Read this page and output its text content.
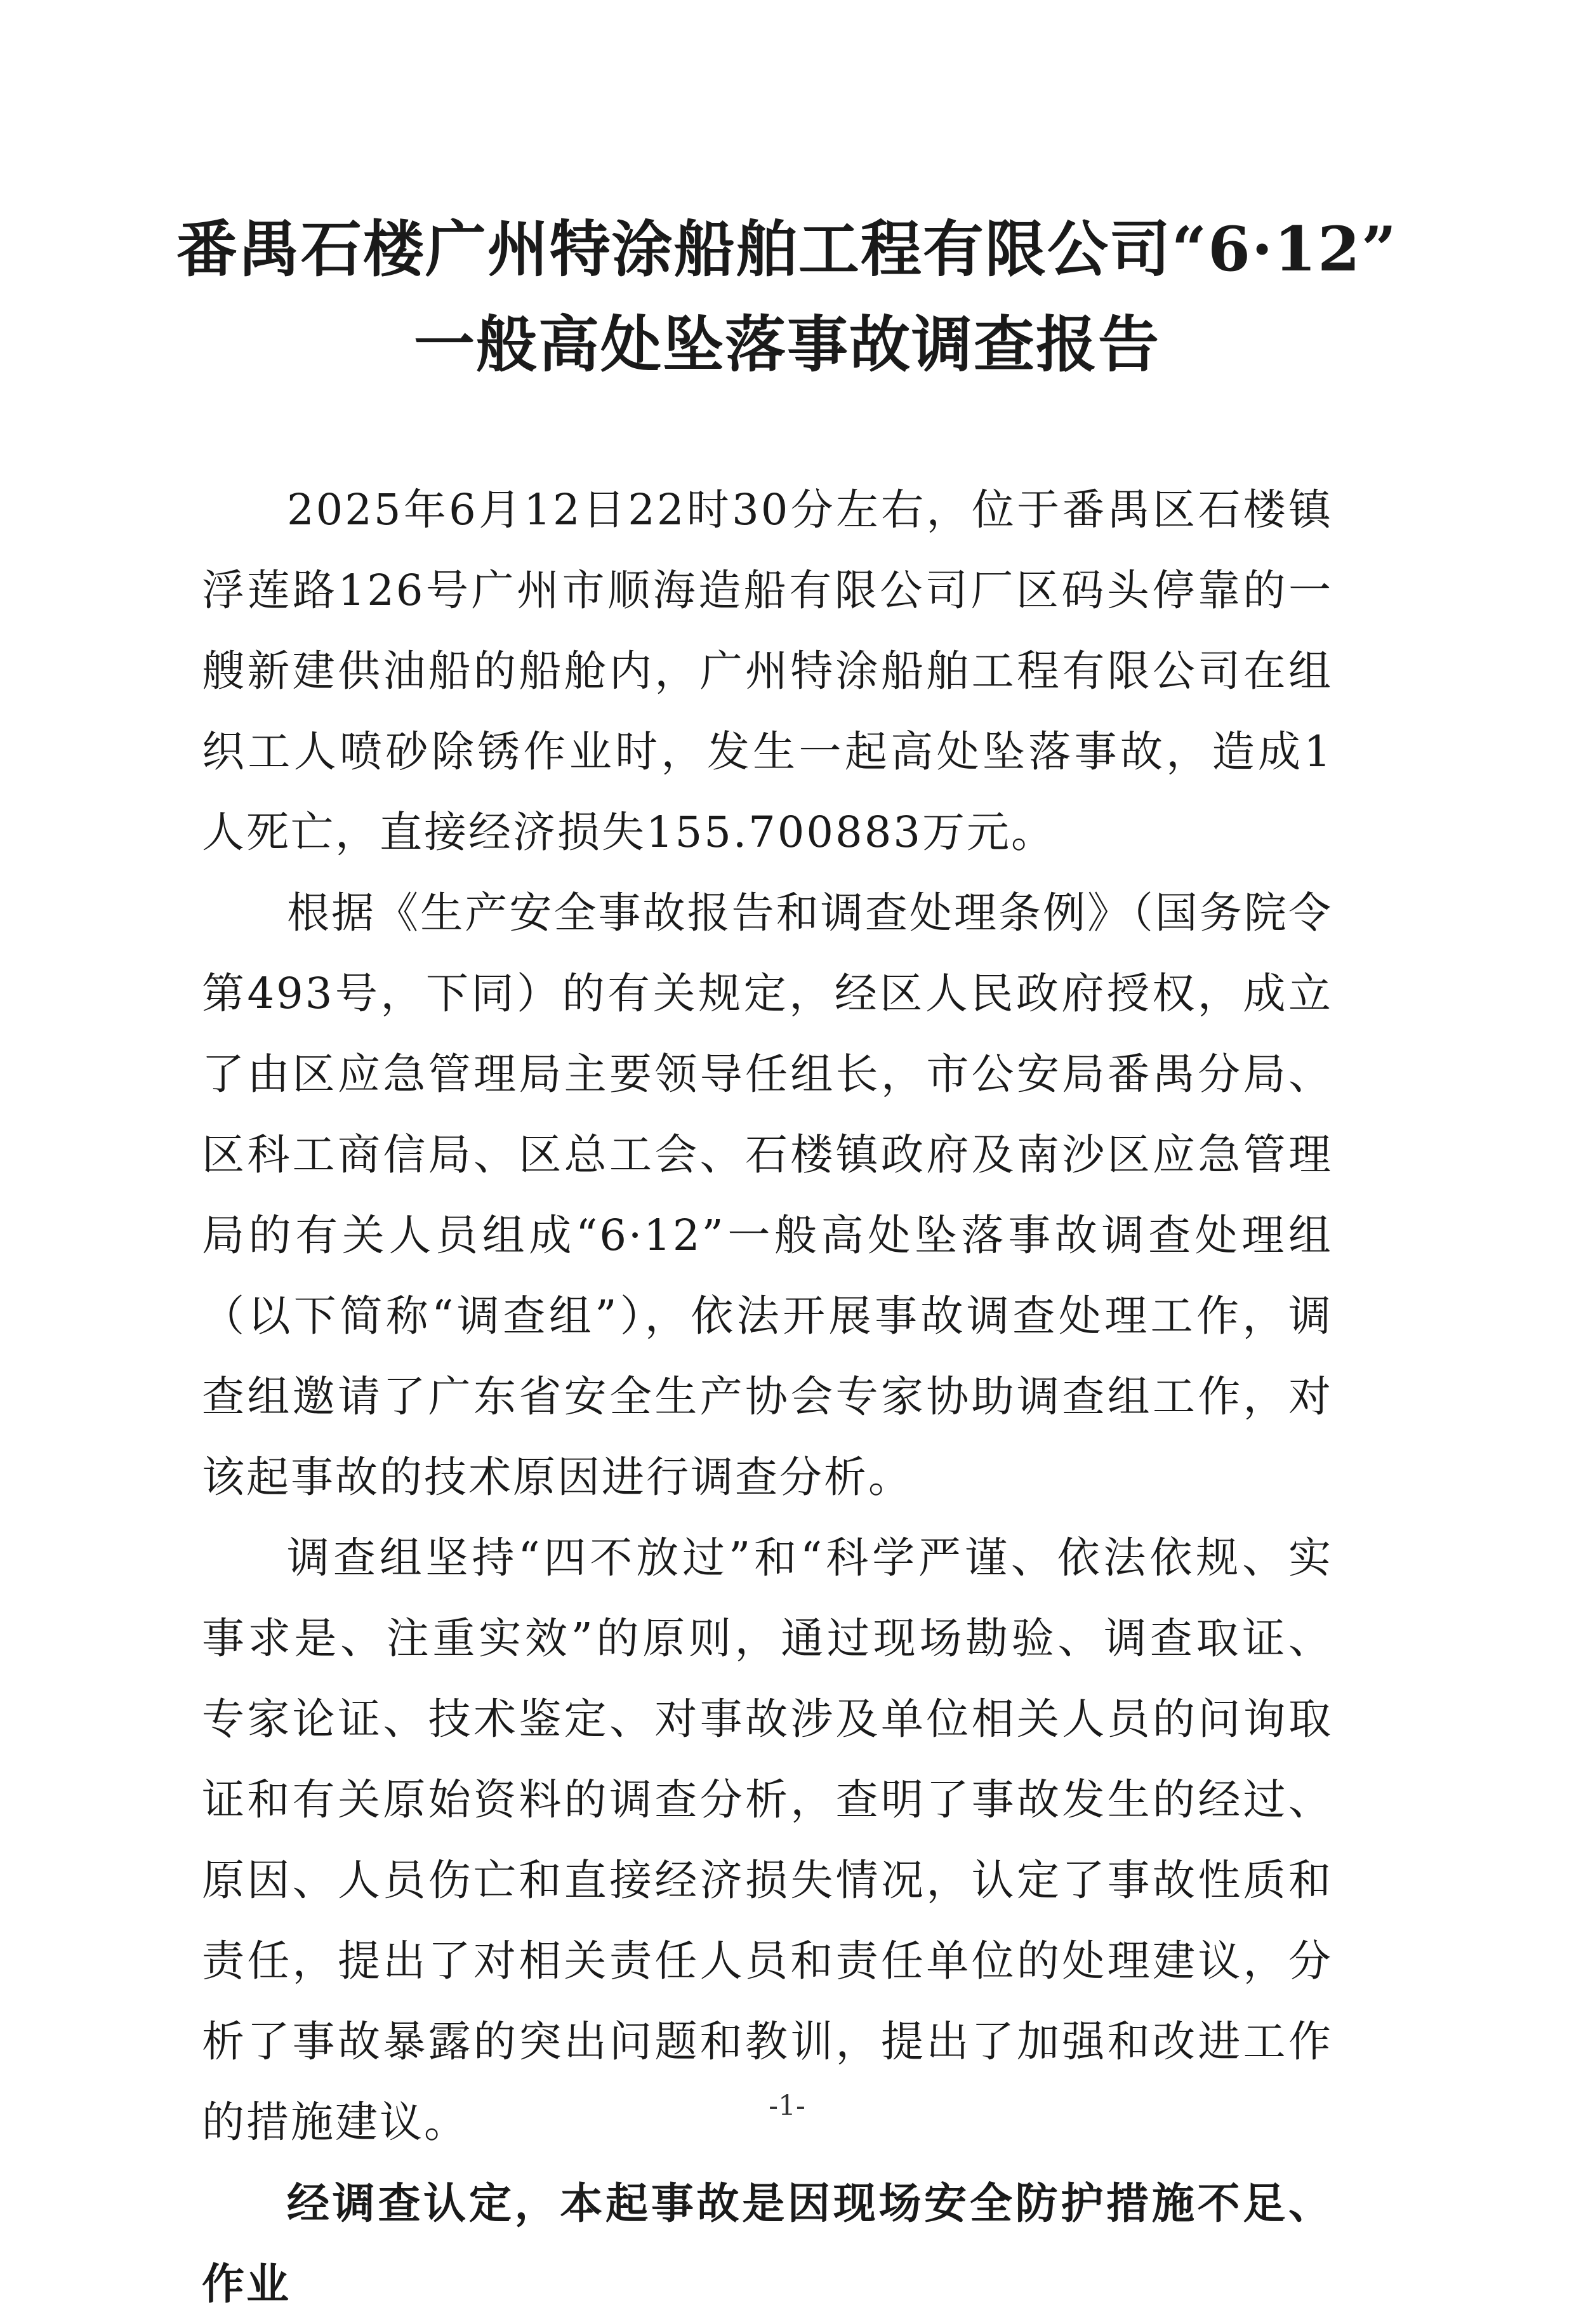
番禺石楼广州特涂船舶工程有限公司“6·12”
一般高处坠落事故调查报告

2025年6月12日22时30分左右，位于番禺区石楼镇浮莲路126号广州市顺海造船有限公司厂区码头停靠的一艘新建供油船的船舱内，广州特涂船舶工程有限公司在组织工人喷砂除锈作业时，发生一起高处坠落事故，造成1人死亡，直接经济损失155.700883万元。

根据《生产安全事故报告和调查处理条例》（国务院令第493号，下同）的有关规定，经区人民政府授权，成立了由区应急管理局主要领导任组长，市公安局番禺分局、区科工商信局、区总工会、石楼镇政府及南沙区应急管理局的有关人员组成“6·12”一般高处坠落事故调查处理组（以下简称“调查组”），依法开展事故调查处理工作，调查组邀请了广东省安全生产协会专家协助调查组工作，对该起事故的技术原因进行调查分析。

调查组坚持“四不放过”和“科学严谨、依法依规、实事求是、注重实效”的原则，通过现场勘验、调查取证、专家论证、技术鉴定、对事故涉及单位相关人员的问询取证和有关原始资料的调查分析，查明了事故发生的经过、原因、人员伤亡和直接经济损失情况，认定了事故性质和责任，提出了对相关责任人员和责任单位的处理建议，分析了事故暴露的突出问题和教训，提出了加强和改进工作的措施建议。

经调查认定，本起事故是因现场安全防护措施不足、作业

-1-
